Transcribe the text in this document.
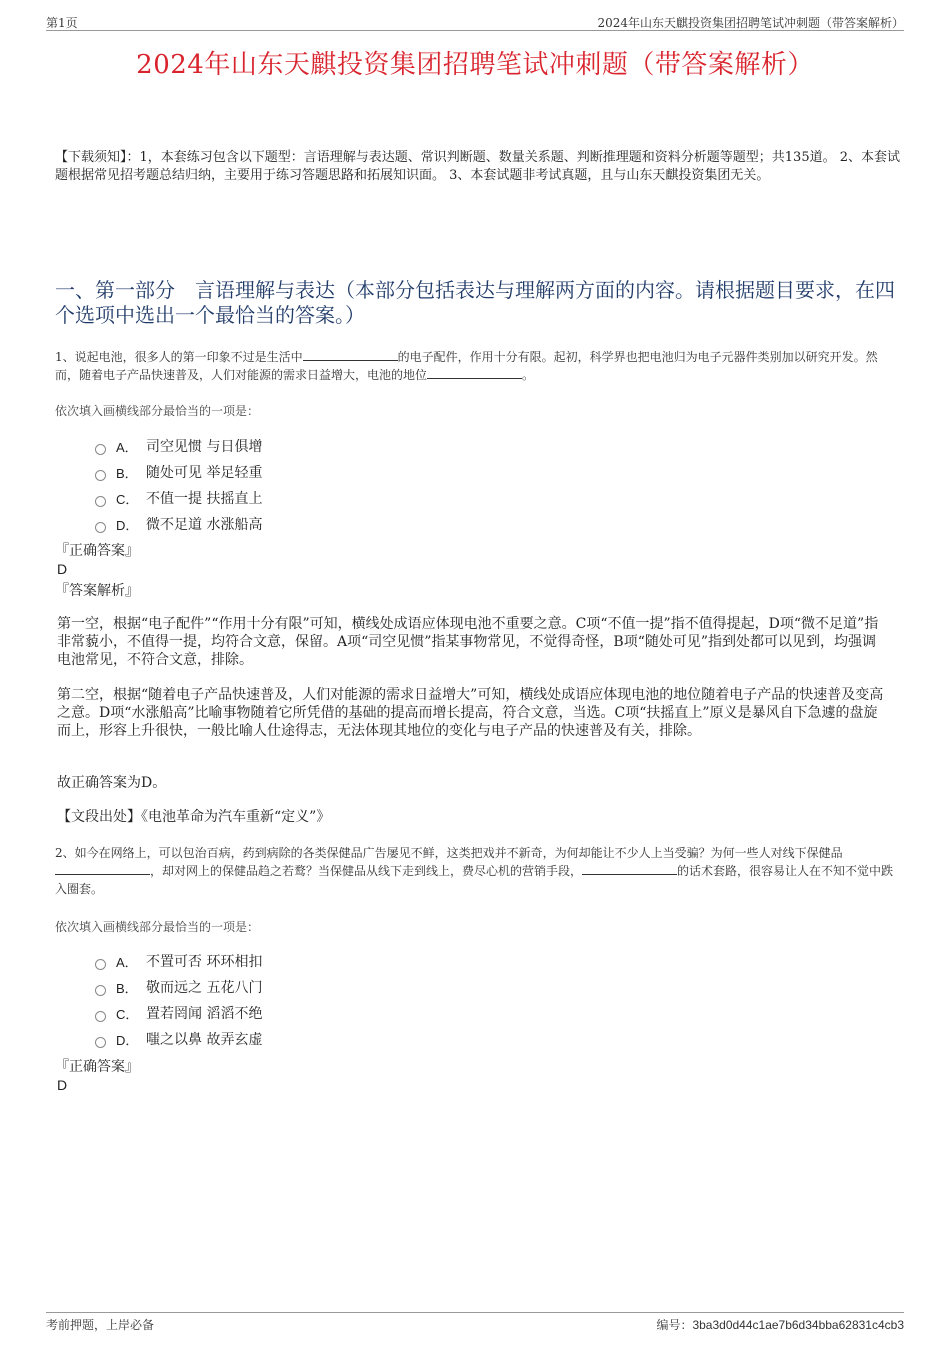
第1页	2024年山东天麒投资集团招聘笔试冲刺题（带答案解析）
2024年山东天麒投资集团招聘笔试冲刺题（带答案解析）
【下载须知】：1，本套练习包含以下题型：言语理解与表达题、常识判断题、数量关系题、判断推理题和资料分析题等题型；共135道。 2、本套试题根据常见招考题总结归纳，主要用于练习答题思路和拓展知识面。 3、本套试题非考试真题，且与山东天麒投资集团无关。
一、第一部分　言语理解与表达（本部分包括表达与理解两方面的内容。请根据题目要求，在四个选项中选出一个最恰当的答案。）
1、说起电池，很多人的第一印象不过是生活中	的电子配件，作用十分有限。起初，科学界也把电池归为电子元器件类别加以研究开发。然而，随着电子产品快速普及，人们对能源的需求日益增大，电池的地位	。
依次填入画横线部分最恰当的一项是：
A． 司空见惯 与日俱增
B． 随处可见 举足轻重
C． 不值一提 扶摇直上
D． 微不足道 水涨船高
『正确答案』
D
『答案解析』
第一空，根据“电子配件”“作用十分有限”可知，横线处成语应体现电池不重要之意。C项“不值一提”指不值得提起，D项“微不足道”指非常藐小，不值得一提，均符合文意，保留。A项“司空见惯”指某事物常见，不觉得奇怪，B项“随处可见”指到处都可以见到，均强调电池常见，不符合文意，排除。
第二空，根据“随着电子产品快速普及，人们对能源的需求日益增大”可知，横线处成语应体现电池的地位随着电子产品的快速普及变高之意。D项“水涨船高”比喻事物随着它所凭借的基础的提高而增长提高，符合文意，当选。C项“扶摇直上”原义是暴风自下急遽的盘旋而上，形容上升很快，一般比喻人仕途得志，无法体现其地位的变化与电子产品的快速普及有关，排除。
故正确答案为D。
【文段出处】《电池革命为汽车重新“定义”》
2、如今在网络上，可以包治百病，药到病除的各类保健品广告屡见不鲜，这类把戏并不新奇，为何却能让不少人上当受骗？为何一些人对线下保健品，却对网上的保健品趋之若鹜？当保健品从线下走到线上，费尽心机的营销手段，	的话术套路，很容易让人在不知不觉中跌入圈套。
依次填入画横线部分最恰当的一项是：
A． 不置可否 环环相扣
B． 敬而远之 五花八门
C． 置若罔闻 滔滔不绝
D． 嗤之以鼻 故弄玄虚
『正确答案』
D
考前押题，上岸必备	编号：3ba3d0d44c1ae7b6d34bba62831c4cb3
